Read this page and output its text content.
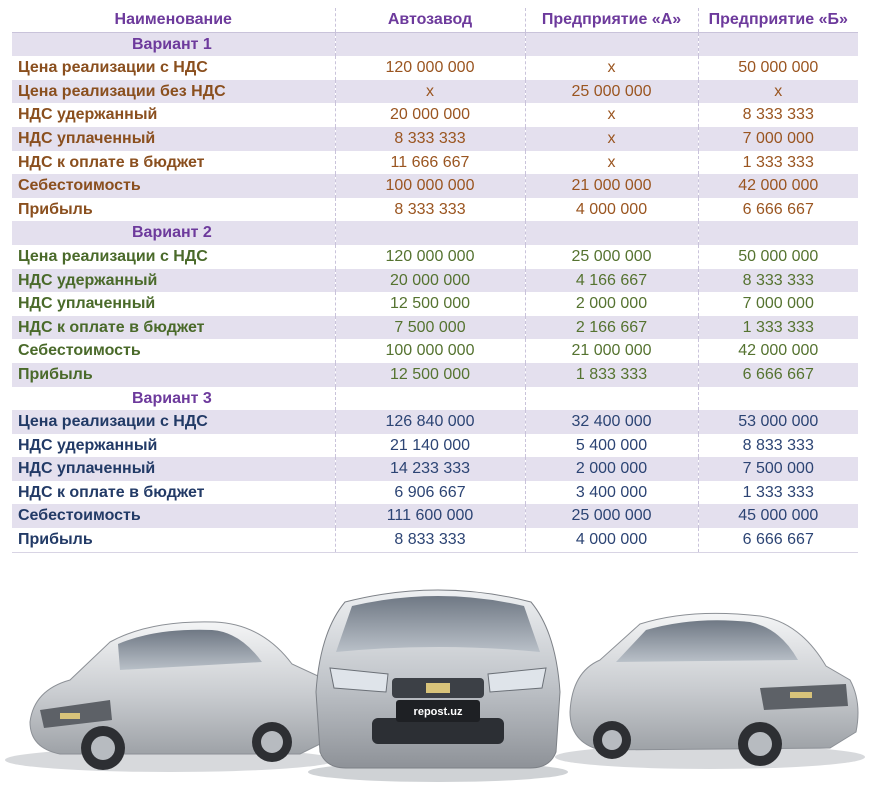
Наименование	Автозавод	Предприятие «А»	Предприятие «Б»
Вариант 1			
Цена реализации с НДС	120 000 000	х	50 000 000
Цена реализации без НДС	х	25 000 000	х
НДС удержанный	20 000 000	х	8 333 333
НДС уплаченный	8 333 333	х	7 000 000
НДС к оплате в бюджет	11 666 667	х	1 333 333
Себестоимость	100 000 000	21 000 000	42 000 000
Прибыль	8 333 333	4 000 000	6 666 667
Вариант 2			
Цена реализации с НДС	120 000 000	25 000 000	50 000 000
НДС удержанный	20 000 000	4 166 667	8 333 333
НДС уплаченный	12 500 000	2 000 000	7 000 000
НДС к оплате в бюджет	7 500 000	2 166 667	1 333 333
Себестоимость	100 000 000	21 000 000	42 000 000
Прибыль	12 500 000	1 833 333	6 666 667
Вариант 3			
Цена реализации с НДС	126 840 000	32 400 000	53 000 000
НДС удержанный	21 140 000	5 400 000	8 833 333
НДС уплаченный	14 233 333	2 000 000	7 500 000
НДС к оплате в бюджет	6 906 667	3 400 000	1 333 333
Себестоимость	111 600 000	25 000 000	45 000 000
Прибыль	8 833 333	4 000 000	6 666 667
repost.uz
